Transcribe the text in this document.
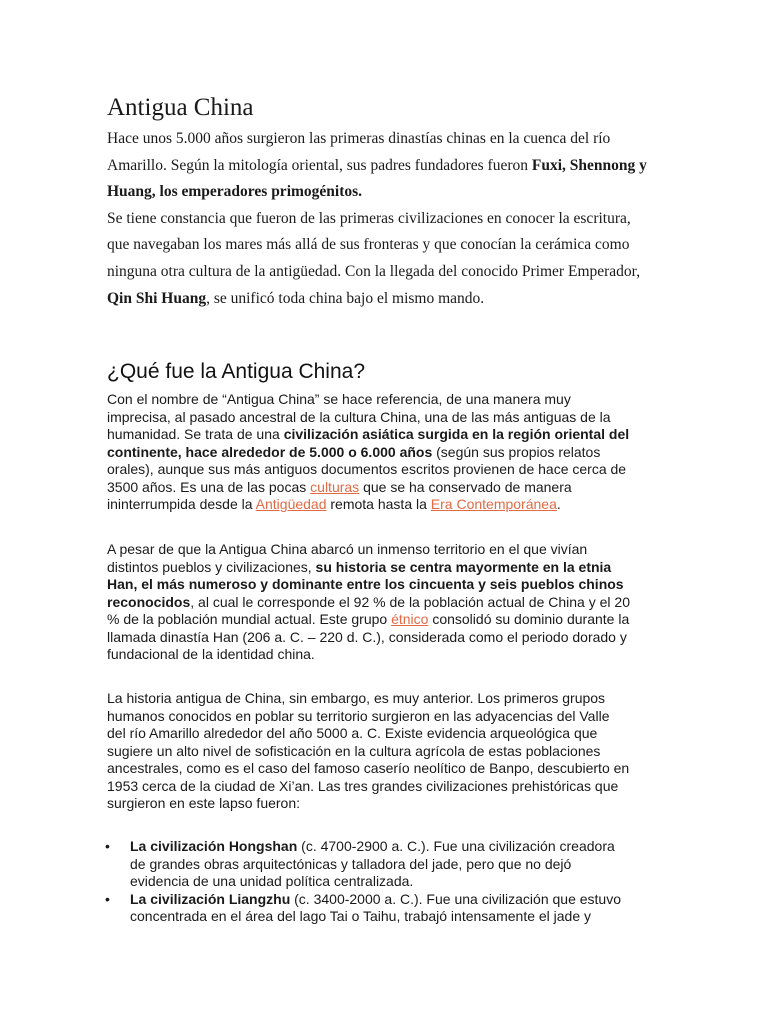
Antigua China

Hace unos 5.000 años surgieron las primeras dinastías chinas en la cuenca del río Amarillo. Según la mitología oriental, sus padres fundadores fueron Fuxi, Shennong y Huang, los emperadores primogénitos.

Se tiene constancia que fueron de las primeras civilizaciones en conocer la escritura, que navegaban los mares más allá de sus fronteras y que conocían la cerámica como ninguna otra cultura de la antigüedad. Con la llegada del conocido Primer Emperador, Qin Shi Huang, se unificó toda china bajo el mismo mando.

¿Qué fue la Antigua China?

Con el nombre de “Antigua China” se hace referencia, de una manera muy imprecisa, al pasado ancestral de la cultura China, una de las más antiguas de la humanidad. Se trata de una civilización asiática surgida en la región oriental del continente, hace alrededor de 5.000 o 6.000 años (según sus propios relatos orales), aunque sus más antiguos documentos escritos provienen de hace cerca de 3500 años. Es una de las pocas culturas que se ha conservado de manera ininterrumpida desde la Antigüedad remota hasta la Era Contemporánea.

A pesar de que la Antigua China abarcó un inmenso territorio en el que vivían distintos pueblos y civilizaciones, su historia se centra mayormente en la etnia Han, el más numeroso y dominante entre los cincuenta y seis pueblos chinos reconocidos, al cual le corresponde el 92 % de la población actual de China y el 20 % de la población mundial actual. Este grupo étnico consolidó su dominio durante la llamada dinastía Han (206 a. C. – 220 d. C.), considerada como el periodo dorado y fundacional de la identidad china.

La historia antigua de China, sin embargo, es muy anterior. Los primeros grupos humanos conocidos en poblar su territorio surgieron en las adyacencias del Valle del río Amarillo alrededor del año 5000 a. C. Existe evidencia arqueológica que sugiere un alto nivel de sofisticación en la cultura agrícola de estas poblaciones ancestrales, como es el caso del famoso caserío neolítico de Banpo, descubierto en 1953 cerca de la ciudad de Xi’an. Las tres grandes civilizaciones prehistóricas que surgieron en este lapso fueron:

• La civilización Hongshan (c. 4700-2900 a. C.). Fue una civilización creadora de grandes obras arquitectónicas y talladora del jade, pero que no dejó evidencia de una unidad política centralizada.
• La civilización Liangzhu (c. 3400-2000 a. C.). Fue una civilización que estuvo concentrada en el área del lago Tai o Taihu, trabajó intensamente el jade y
